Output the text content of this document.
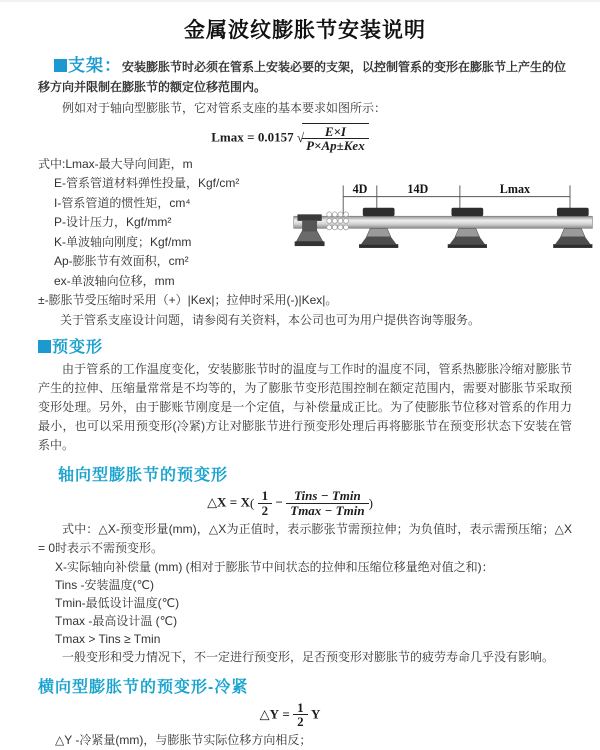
金属波纹膨胀节安装说明

支架：安装膨胀节时必须在管系上安装必要的支架，以控制管系的变形在膨胀节上产生的位移方向并限制在膨胀节的额定位移范围内。

例如对于轴向型膨胀节，它对管系支座的基本要求如图所示：

Lmax = 0.0157 √
$\frac{E\times I}{\text{P×Ap±Kex}}$
式中:Lmax-最大导向间距，m
E-管系管道材料弹性投量，Kgf/cm²
I-管系管道的惯性矩，cm⁴
P-设计压力，Kgf/mm²
K-单波轴向刚度；Kgf/mm
Ap-膨胀节有效面积，cm²
ex-单波轴向位移，mm
4D	14D	Lmax
±-膨胀节受压缩时采用（+）|Kex|；拉伸时采用(-)|Kex|。
关于管系支座设计问题，请参阅有关资料，本公司也可为用户提供咨询等服务。
预变形

由于管系的工作温度变化，安装膨胀节时的温度与工作时的温度不同，管系热膨胀冷缩对膨胀节产生的拉伸、压缩量常常是不均等的，为了膨胀节变形范围控制在额定范围内，需要对膨胀节采取预变形处理。另外，由于膨账节刚度是一个定值，与补偿量成正比。为了使膨胀节位移对管系的作用力最小，也可以采用预变形(冷紧)方让对膨胀节进行预变形处理后再将膨胀节在预变形状态下安装在管系中。

轴向型膨胀节的预变形
△X = $X( \frac{1}{2} - \frac{\text{Tins − Tmin}}{Tmax - Tmin}$ )

式中：△X-预变形量(mm)，△X为正值时，表示膨张节需预拉伸；为负值时，表示需预压缩；△X = 0时表示不需预变形。

X-实际轴向补偿量 (mm) (相对于膨胀节中间状态的拉伸和压缩位移量绝对值之和)：
Tins -安装温度(℃)
Tmin-最低设计温度(℃)
Tmax -最高设计温 (℃)
Tmax > Tins ≥ Tmin

一般变形和受力情况下，不一定进行预变形，足否预变形对膨胀节的疲劳寿命几乎没有影响。

横向型膨胀节的预变形-冷紧
△Y = $\frac{1}{2}$ Y
△Y -冷紧量(mm)，与膨胀节实际位移方向相反；
